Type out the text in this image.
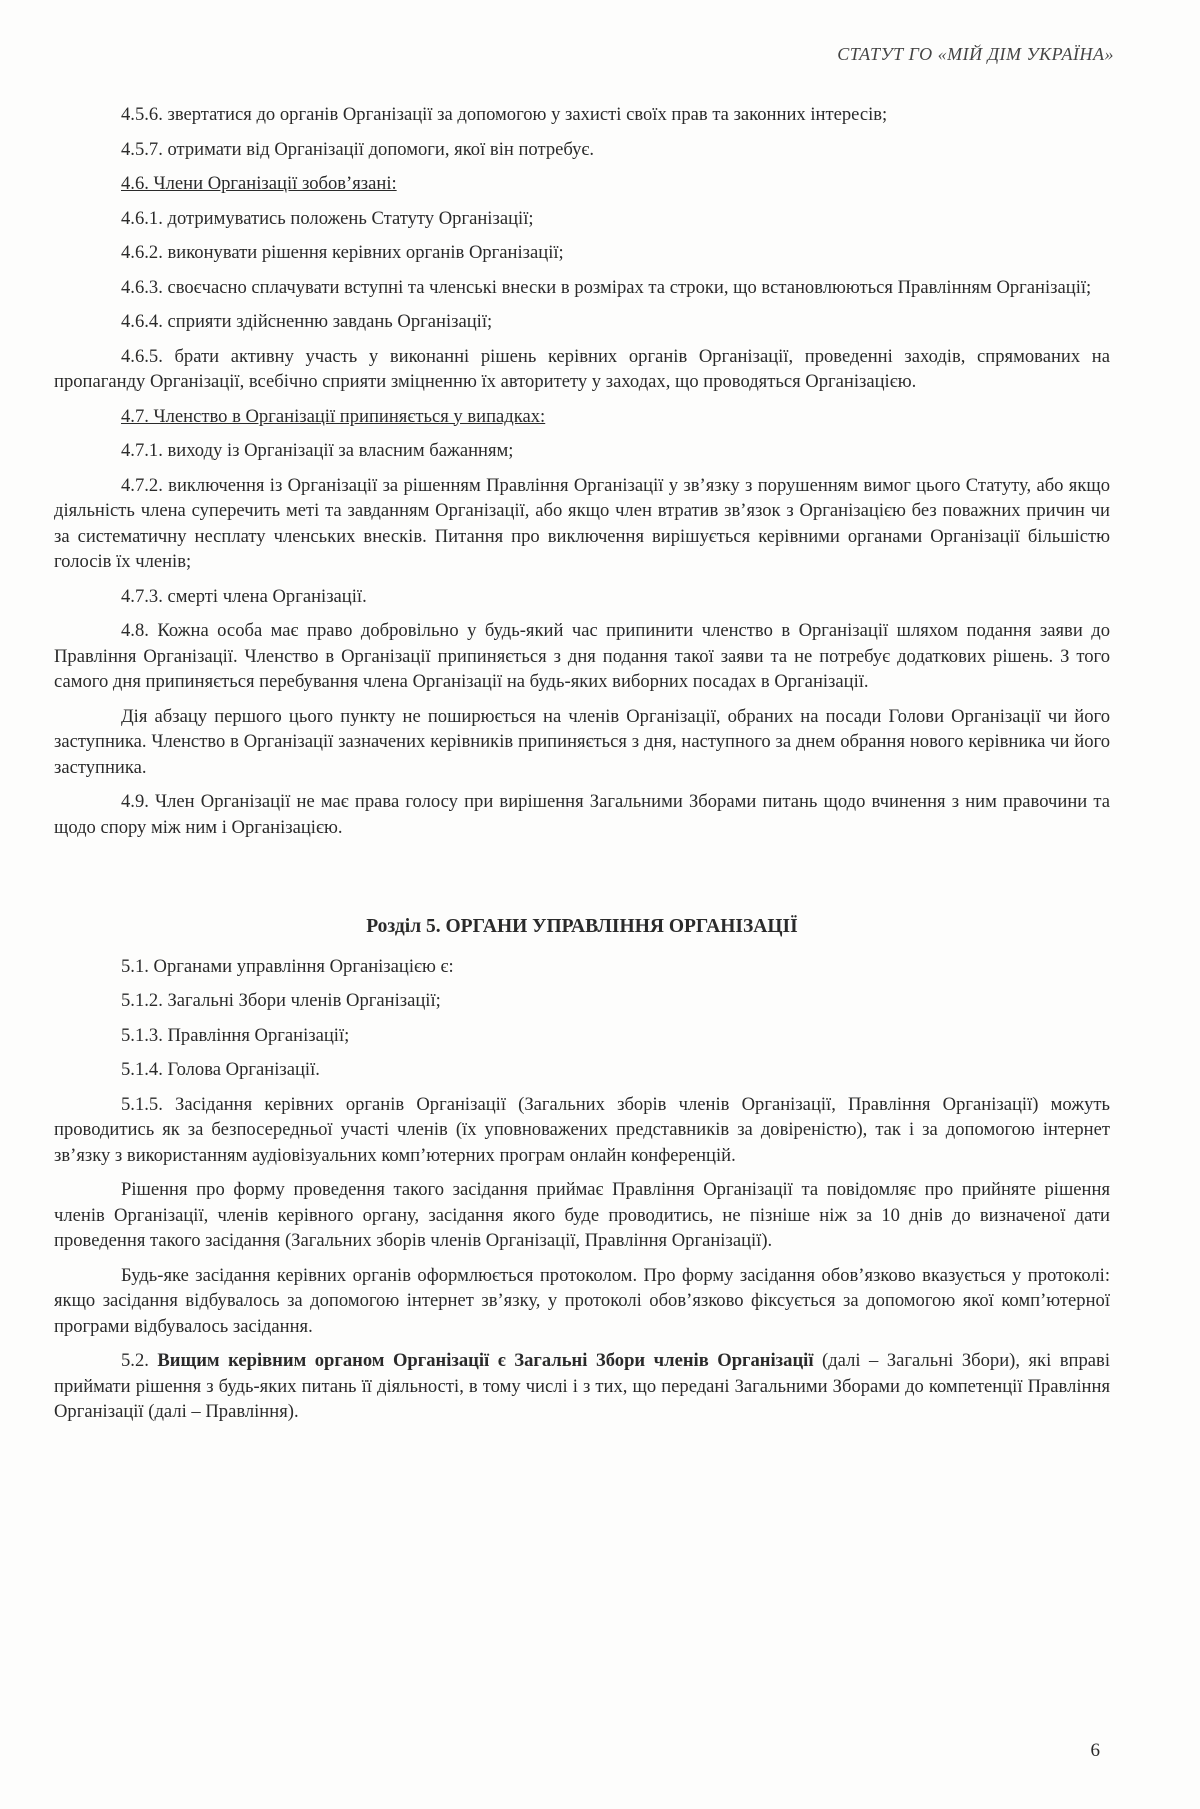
СТАТУТ ГО «МІЙ ДІМ УКРАЇНА»

4.5.6. звертатися до органів Організації за допомогою у захисті своїх прав та законних інтересів;

4.5.7. отримати від Організації допомоги, якої він потребує.

4.6. Члени Організації зобов’язані:

4.6.1. дотримуватись положень Статуту Організації;

4.6.2. виконувати рішення керівних органів Організації;

4.6.3. своєчасно сплачувати вступні та членські внески в розмірах та строки, що встановлюються Правлінням Організації;

4.6.4. сприяти здійсненню завдань Організації;

4.6.5. брати активну участь у виконанні рішень керівних органів Організації, проведенні заходів, спрямованих на пропаганду Організації, всебічно сприяти зміцненню їх авторитету у заходах, що проводяться Організацією.

4.7. Членство в Організації припиняється у випадках:

4.7.1. виходу із Організації за власним бажанням;

4.7.2. виключення із Організації за рішенням Правління Організації у зв’язку з порушенням вимог цього Статуту, або якщо діяльність члена суперечить меті та завданням Організації, або якщо член втратив зв’язок з Організацією без поважних причин чи за систематичну несплату членських внесків. Питання про виключення вирішується керівними органами Організації більшістю голосів їх членів;

4.7.3. смерті члена Організації.

4.8. Кожна особа має право добровільно у будь-який час припинити членство в Організації шляхом подання заяви до Правління Організації. Членство в Організації припиняється з дня подання такої заяви та не потребує додаткових рішень. З того самого дня припиняється перебування члена Організації на будь-яких виборних посадах в Організації.

Дія абзацу першого цього пункту не поширюється на членів Організації, обраних на посади Голови Організації чи його заступника. Членство в Організації зазначених керівників припиняється з дня, наступного за днем обрання нового керівника чи його заступника.

4.9. Член Організації не має права голосу при вирішення Загальними Зборами питань щодо вчинення з ним правочини та щодо спору між ним і Організацією.

Розділ 5. ОРГАНИ УПРАВЛІННЯ ОРГАНІЗАЦІЇ

5.1. Органами управління Організацією є:

5.1.2. Загальні Збори членів Організації;

5.1.3. Правління Організації;

5.1.4. Голова Організації.

5.1.5. Засідання керівних органів Організації (Загальних зборів членів Організації, Правління Організації) можуть проводитись як за безпосередньої участі членів (їх уповноважених представників за довіреністю), так і за допомогою інтернет зв’язку з використанням аудіовізуальних комп’ютерних програм онлайн конференцій.

Рішення про форму проведення такого засідання приймає Правління Організації та повідомляє про прийняте рішення членів Організації, членів керівного органу, засідання якого буде проводитись, не пізніше ніж за 10 днів до визначеної дати проведення такого засідання (Загальних зборів членів Організації, Правління Організації).

Будь-яке засідання керівних органів оформлюється протоколом. Про форму засідання обов’язково вказується у протоколі: якщо засідання відбувалось за допомогою інтернет зв’язку, у протоколі обов’язково фіксується за допомогою якої комп’ютерної програми відбувалось засідання.

5.2. Вищим керівним органом Організації є Загальні Збори членів Організації (далі – Загальні Збори), які вправі приймати рішення з будь-яких питань її діяльності, в тому числі і з тих, що передані Загальними Зборами до компетенції Правління Організації (далі – Правління).

6
